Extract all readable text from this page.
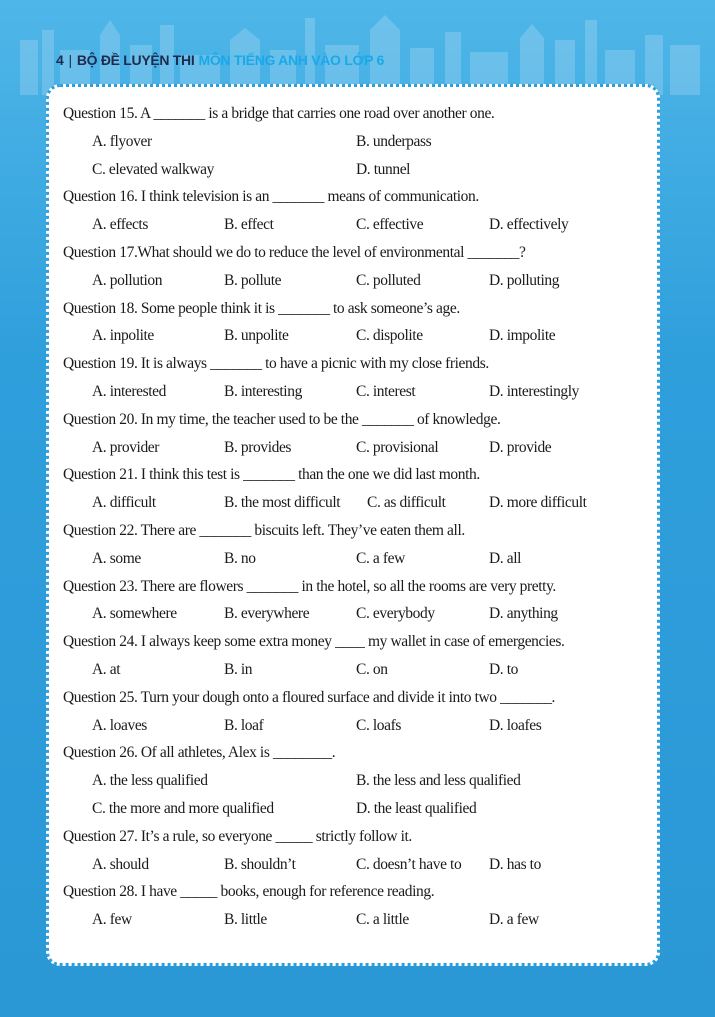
4 | BỘ ĐỀ LUYỆN THI MÔN TIẾNG ANH VÀO LỚP 6
Question 15. A _______ is a bridge that carries one road over another one.
A. flyover	B. underpass
C. elevated walkway	D. tunnel
Question 16. I think television is an _______ means of communication.
A. effects	B. effect	C. effective	D. effectively
Question 17.What should we do to reduce the level of environmental _______?
A. pollution	B. pollute	C. polluted	D. polluting
Question 18. Some people think it is _______ to ask someone’s age.
A. inpolite	B. unpolite	C. dispolite	D. impolite
Question 19. It is always _______ to have a picnic with my close friends.
A. interested	B. interesting	C. interest	D. interestingly
Question 20. In my time, the teacher used to be the _______ of knowledge.
A. provider	B. provides	C. provisional	D. provide
Question 21. I think this test is _______ than the one we did last month.
A. difficult	B. the most difficult C. as difficult	D. more difficult
Question 22. There are _______ biscuits left. They’ve eaten them all.
A. some	B. no	C. a few	D. all
Question 23. There are flowers _______ in the hotel, so all the rooms are very pretty.
A. somewhere	B. everywhere	C. everybody	D. anything
Question 24. I always keep some extra money ____ my wallet in case of emergencies.
A. at	B. in	C. on	D. to
Question 25. Turn your dough onto a floured surface and divide it into two _______.
A. loaves	B. loaf	C. loafs	D. loafes
Question 26. Of all athletes, Alex is ________.
A. the less qualified	B. the less and less qualified
C. the more and more qualified	D. the least qualified
Question 27. It’s a rule, so everyone _____ strictly follow it.
A. should	B. shouldn’t	C. doesn’t have to D. has to
Question 28. I have _____ books, enough for reference reading.
A. few	B. little	C. a little	D. a few
